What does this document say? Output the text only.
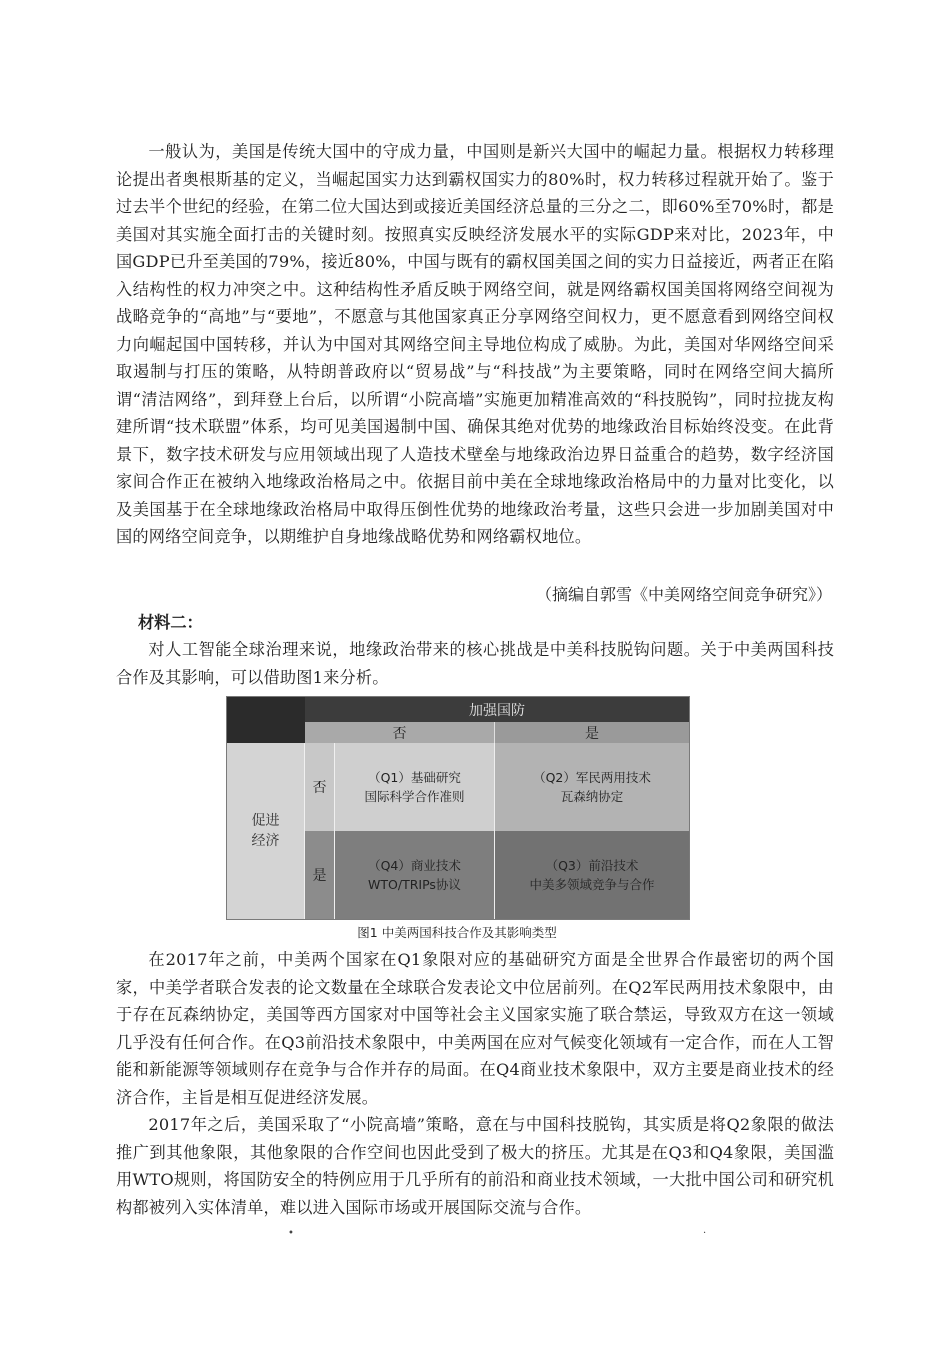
一般认为，美国是传统大国中的守成力量，中国则是新兴大国中的崛起力量。根据权力转移理论提出者奥根斯基的定义，当崛起国实力达到霸权国实力的80%时，权力转移过程就开始了。鉴于过去半个世纪的经验，在第二位大国达到或接近美国经济总量的三分之二，即60%至70%时，都是美国对其实施全面打击的关键时刻。按照真实反映经济发展水平的实际GDP来对比，2023年，中国GDP已升至美国的79%，接近80%，中国与既有的霸权国美国之间的实力日益接近，两者正在陷入结构性的权力冲突之中。这种结构性矛盾反映于网络空间，就是网络霸权国美国将网络空间视为战略竞争的“高地”与“要地”，不愿意与其他国家真正分享网络空间权力，更不愿意看到网络空间权力向崛起国中国转移，并认为中国对其网络空间主导地位构成了威胁。为此，美国对华网络空间采取遏制与打压的策略，从特朗普政府以“贸易战”与“科技战”为主要策略，同时在网络空间大搞所谓“清洁网络”，到拜登上台后，以所谓“小院高墙”实施更加精准高效的“科技脱钩”，同时拉拢友构建所谓“技术联盟”体系，均可见美国遏制中国、确保其绝对优势的地缘政治目标始终没变。在此背景下，数字技术研发与应用领域出现了人造技术壁垒与地缘政治边界日益重合的趋势，数字经济国家间合作正在被纳入地缘政治格局之中。依据目前中美在全球地缘政治格局中的力量对比变化，以及美国基于在全球地缘政治格局中取得压倒性优势的地缘政治考量，这些只会进一步加剧美国对中国的网络空间竞争，以期维护自身地缘战略优势和网络霸权地位。

（摘编自郭雪《中美网络空间竞争研究》）
材料二：

对人工智能全球治理来说，地缘政治带来的核心挑战是中美科技脱钩问题。关于中美两国科技合作及其影响，可以借助图1来分析。

加强国防
否	是
促进经济
否
是
（Q1）基础研究
国际科学合作准则
（Q2）军民两用技术
瓦森纳协定
（Q4）商业技术
WTO/TRIPs协议
（Q3）前沿技术
中美多领域竞争与合作
图1 中美两国科技合作及其影响类型

在2017年之前，中美两个国家在Q1象限对应的基础研究方面是全世界合作最密切的两个国家，中美学者联合发表的论文数量在全球联合发表论文中位居前列。在Q2军民两用技术象限中，由于存在瓦森纳协定，美国等西方国家对中国等社会主义国家实施了联合禁运，导致双方在这一领域几乎没有任何合作。在Q3前沿技术象限中，中美两国在应对气候变化领域有一定合作，而在人工智能和新能源等领域则存在竞争与合作并存的局面。在Q4商业技术象限中，双方主要是商业技术的经济合作，主旨是相互促进经济发展。

2017年之后，美国采取了“小院高墙”策略，意在与中国科技脱钩，其实质是将Q2象限的做法推广到其他象限，其他象限的合作空间也因此受到了极大的挤压。尤其是在Q3和Q4象限，美国滥用WTO规则，将国防安全的特例应用于几乎所有的前沿和商业技术领域，一大批中国公司和研究机构都被列入实体清单，难以进入国际市场或开展国际交流与合作。

•	·
